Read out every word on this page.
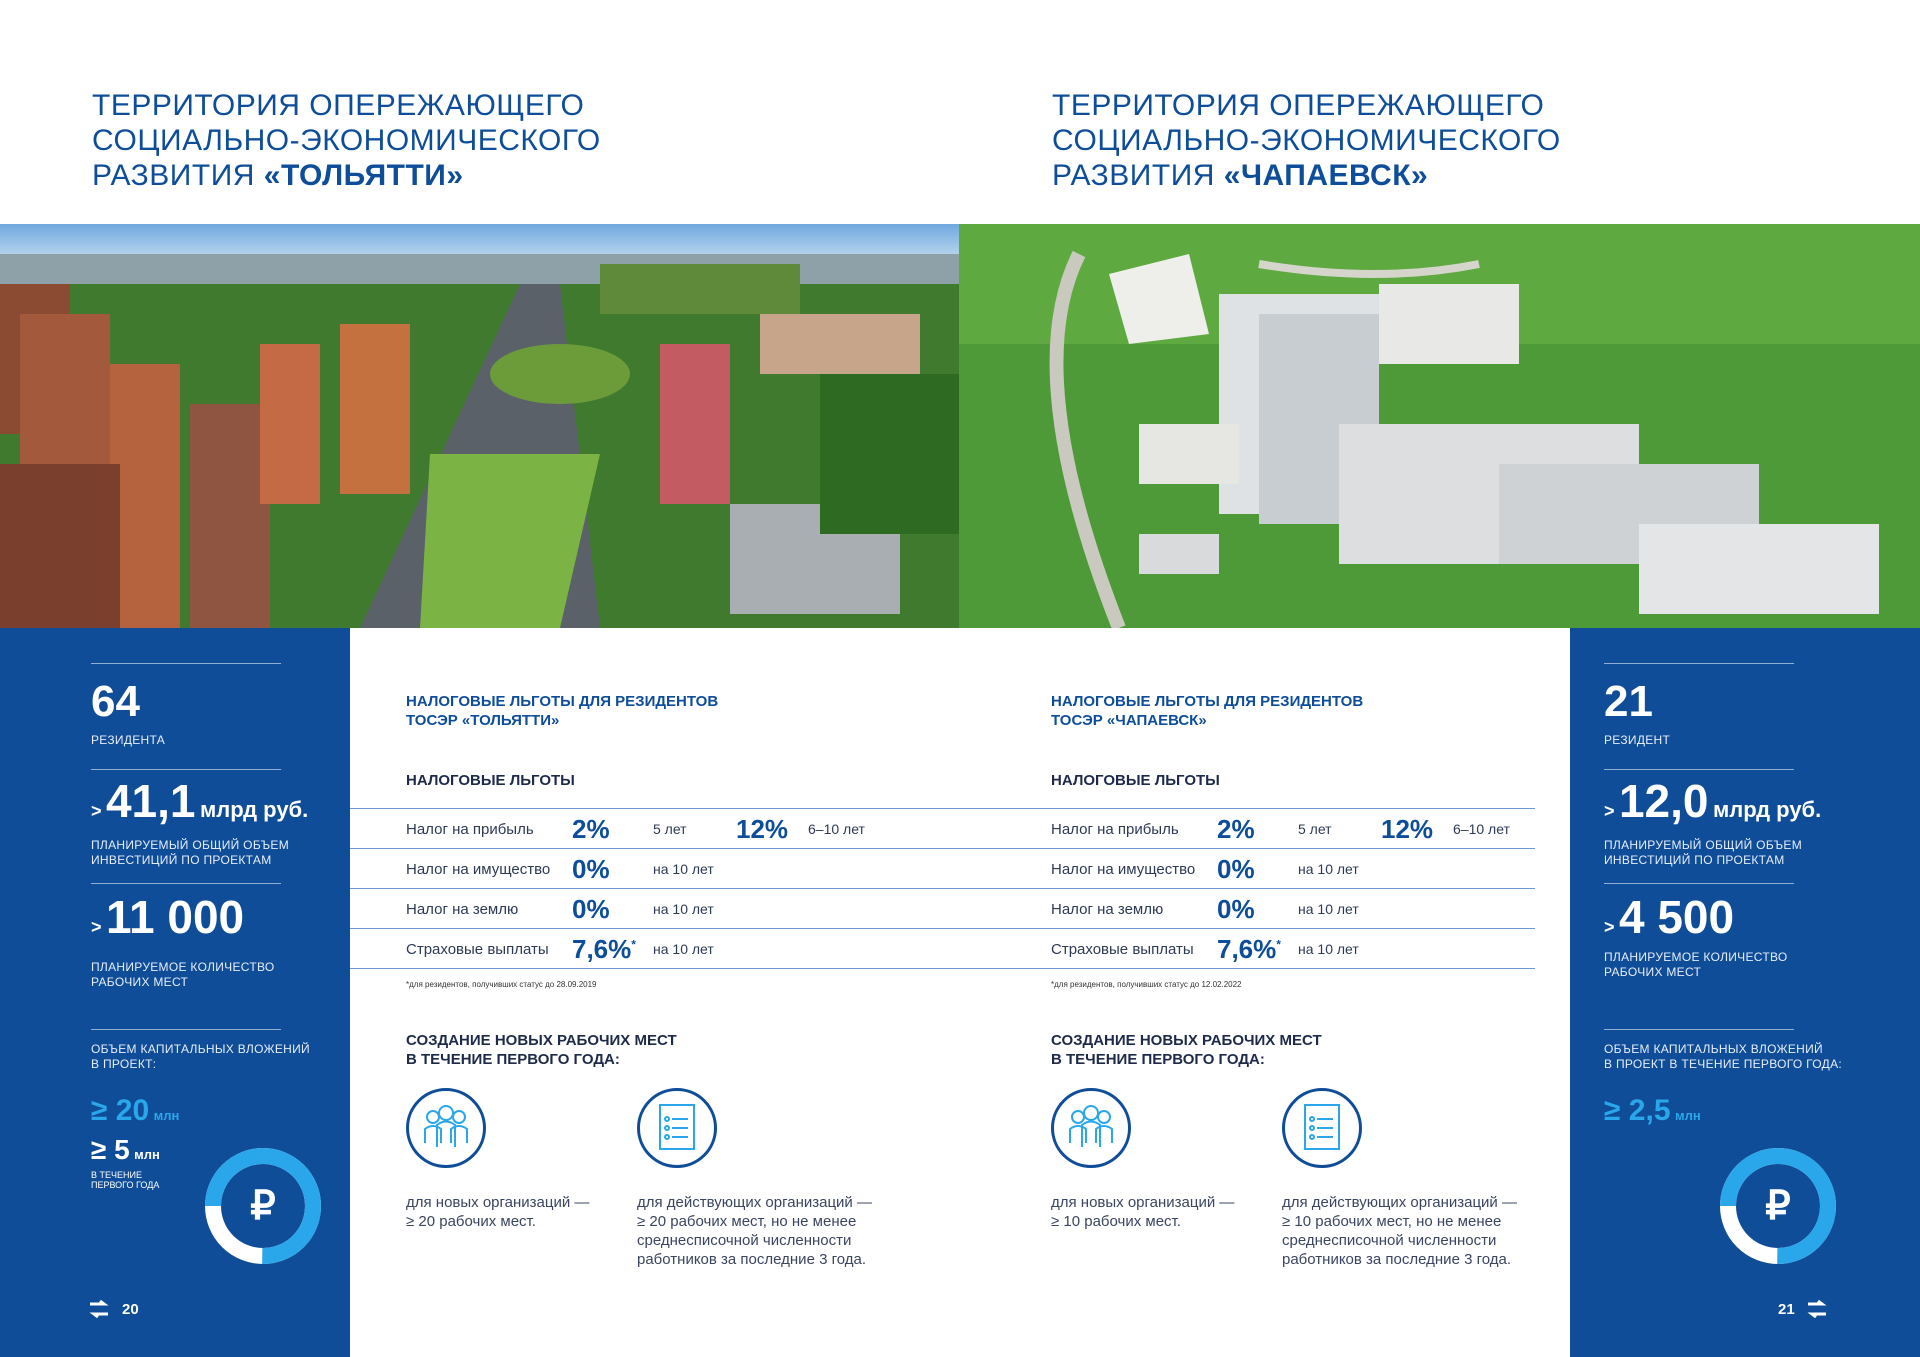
ТЕРРИТОРИЯ ОПЕРЕЖАЮЩЕГО
СОЦИАЛЬНО-ЭКОНОМИЧЕСКОГО
РАЗВИТИЯ «ТОЛЬЯТТИ»
ТЕРРИТОРИЯ ОПЕРЕЖАЮЩЕГО
СОЦИАЛЬНО-ЭКОНОМИЧЕСКОГО
РАЗВИТИЯ «ЧАПАЕВСК»
64
РЕЗИДЕНТА
> 41,1 млрд руб.
ПЛАНИРУЕМЫЙ ОБЩИЙ ОБЪЕМ
ИНВЕСТИЦИЙ ПО ПРОЕКТАМ
> 11 000
ПЛАНИРУЕМОЕ КОЛИЧЕСТВО
РАБОЧИХ МЕСТ
ОБЪЕМ КАПИТАЛЬНЫХ ВЛОЖЕНИЙ
В ПРОЕКТ:
≥ 20 млн
≥ 5 млн
В ТЕЧЕНИЕ
ПЕРВОГО ГОДА	₽
20
21
РЕЗИДЕНТ
> 12,0 млрд руб.
ПЛАНИРУЕМЫЙ ОБЩИЙ ОБЪЕМ
ИНВЕСТИЦИЙ ПО ПРОЕКТАМ
> 4 500
ПЛАНИРУЕМОЕ КОЛИЧЕСТВО
РАБОЧИХ МЕСТ
ОБЪЕМ КАПИТАЛЬНЫХ ВЛОЖЕНИЙ
В ПРОЕКТ В ТЕЧЕНИЕ ПЕРВОГО ГОДА:
≥ 2,5 млн
₽
21
НАЛОГОВЫЕ ЛЬГОТЫ ДЛЯ РЕЗИДЕНТОВ
ТОСЭР «ТОЛЬЯТТИ»
НАЛОГОВЫЕ ЛЬГОТЫ
Налог на прибыль 2%	5 лет 12% 6–10 лет
Налог на имущество 0%	на 10 лет
Налог на землю 0%	на 10 лет
Страховые выплаты 7,6%* на 10 лет
*для резидентов, получивших статус до 28.09.2019
СОЗДАНИЕ НОВЫХ РАБОЧИХ МЕСТ
В ТЕЧЕНИЕ ПЕРВОГО ГОДА:
для новых организаций —
≥ 20 рабочих мест.
для действующих организаций —
≥ 20 рабочих мест, но не менее
среднесписочной численности
работников за последние 3 года.
НАЛОГОВЫЕ ЛЬГОТЫ ДЛЯ РЕЗИДЕНТОВ
ТОСЭР «ЧАПАЕВСК»
НАЛОГОВЫЕ ЛЬГОТЫ
Налог на прибыль 2%	5 лет 12% 6–10 лет
Налог на имущество 0%	на 10 лет
Налог на землю 0%	на 10 лет
Страховые выплаты 7,6%* на 10 лет
*для резидентов, получивших статус до 12.02.2022
СОЗДАНИЕ НОВЫХ РАБОЧИХ МЕСТ
В ТЕЧЕНИЕ ПЕРВОГО ГОДА:
для новых организаций —
≥ 10 рабочих мест.
для действующих организаций —
≥ 10 рабочих мест, но не менее
среднесписочной численности
работников за последние 3 года.
